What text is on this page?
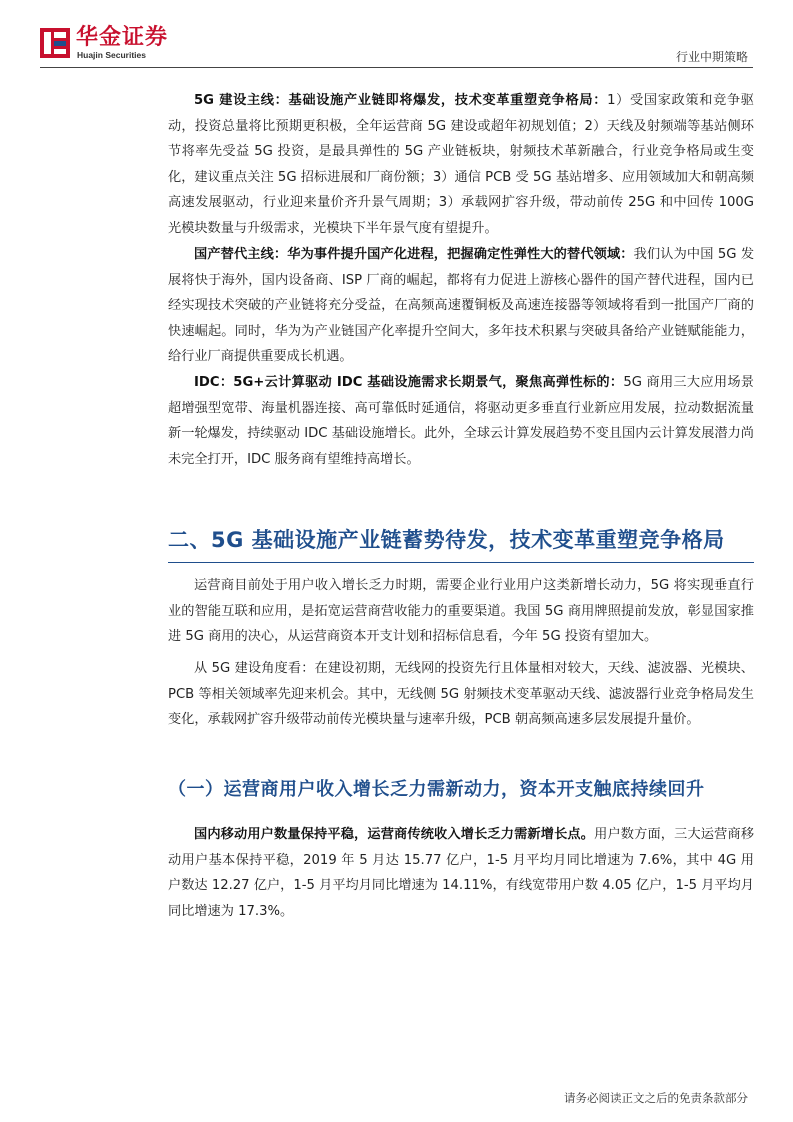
华金证券
Huajin Securities	行业中期策略

5G 建设主线：基础设施产业链即将爆发，技术变革重塑竞争格局：1）受国家政策和竞争驱动，投资总量将比预期更积极，全年运营商 5G 建设或超年初规划值；2）天线及射频端等基站侧环节将率先受益 5G 投资，是最具弹性的 5G 产业链板块，射频技术革新融合，行业竞争格局或生变化，建议重点关注 5G 招标进展和厂商份额；3）通信 PCB 受 5G 基站增多、应用领域加大和朝高频高速发展驱动，行业迎来量价齐升景气周期；3）承载网扩容升级，带动前传 25G 和中回传 100G 光模块数量与升级需求，光模块下半年景气度有望提升。

国产替代主线：华为事件提升国产化进程，把握确定性弹性大的替代领域：我们认为中国 5G 发展将快于海外，国内设备商、ISP 厂商的崛起，都将有力促进上游核心器件的国产替代进程，国内已经实现技术突破的产业链将充分受益，在高频高速覆铜板及高速连接器等领域将看到一批国产厂商的快速崛起。同时，华为为产业链国产化率提升空间大，多年技术积累与突破具备给产业链赋能能力，给行业厂商提供重要成长机遇。

IDC：5G+云计算驱动 IDC 基础设施需求长期景气，聚焦高弹性标的：5G 商用三大应用场景超增强型宽带、海量机器连接、高可靠低时延通信，将驱动更多垂直行业新应用发展，拉动数据流量新一轮爆发，持续驱动 IDC 基础设施增长。此外，全球云计算发展趋势不变且国内云计算发展潜力尚未完全打开，IDC 服务商有望维持高增长。

二、5G 基础设施产业链蓄势待发，技术变革重塑竞争格局

运营商目前处于用户收入增长乏力时期，需要企业行业用户这类新增长动力，5G 将实现垂直行业的智能互联和应用，是拓宽运营商营收能力的重要渠道。我国 5G 商用牌照提前发放，彰显国家推进 5G 商用的决心，从运营商资本开支计划和招标信息看，今年 5G 投资有望加大。

从 5G 建设角度看：在建设初期，无线网的投资先行且体量相对较大，天线、滤波器、光模块、PCB 等相关领域率先迎来机会。其中，无线侧 5G 射频技术变革驱动天线、滤波器行业竞争格局发生变化，承载网扩容升级带动前传光模块量与速率升级，PCB 朝高频高速多层发展提升量价。

（一）运营商用户收入增长乏力需新动力，资本开支触底持续回升

国内移动用户数量保持平稳，运营商传统收入增长乏力需新增长点。用户数方面，三大运营商移动用户基本保持平稳，2019 年 5 月达 15.77 亿户，1-5 月平均月同比增速为 7.6%，其中 4G 用户数达 12.27 亿户，1-5 月平均月同比增速为 14.11%，有线宽带用户数 4.05 亿户，1-5 月平均月同比增速为 17.3%。

请务必阅读正文之后的免责条款部分
